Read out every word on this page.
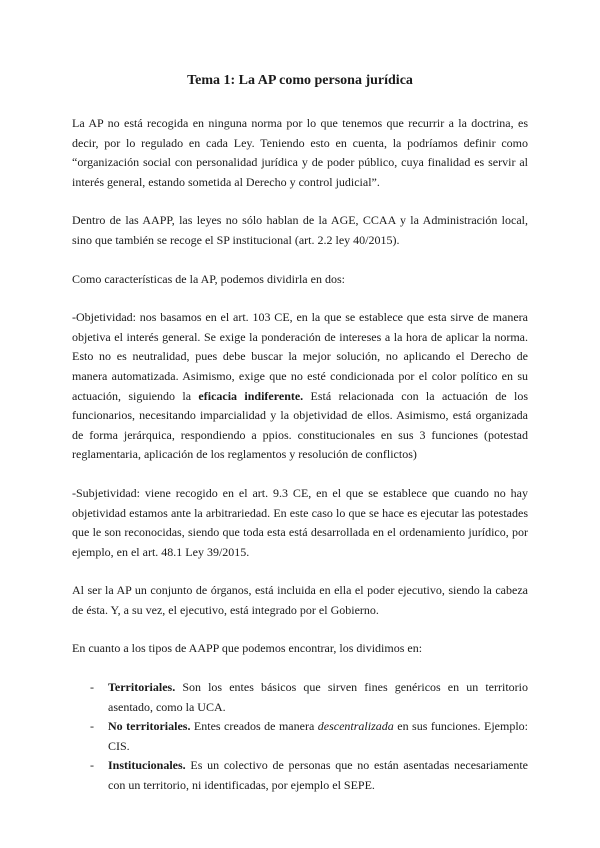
Tema 1: La AP como persona jurídica

La AP no está recogida en ninguna norma por lo que tenemos que recurrir a la doctrina, es decir, por lo regulado en cada Ley. Teniendo esto en cuenta, la podríamos definir como “organización social con personalidad jurídica y de poder público, cuya finalidad es servir al interés general, estando sometida al Derecho y control judicial”.

Dentro de las AAPP, las leyes no sólo hablan de la AGE, CCAA y la Administración local, sino que también se recoge el SP institucional (art. 2.2 ley 40/2015).

Como características de la AP, podemos dividirla en dos:

-Objetividad: nos basamos en el art. 103 CE, en la que se establece que esta sirve de manera objetiva el interés general. Se exige la ponderación de intereses a la hora de aplicar la norma. Esto no es neutralidad, pues debe buscar la mejor solución, no aplicando el Derecho de manera automatizada. Asimismo, exige que no esté condicionada por el color político en su actuación, siguiendo la eficacia indiferente. Está relacionada con la actuación de los funcionarios, necesitando imparcialidad y la objetividad de ellos. Asimismo, está organizada de forma jerárquica, respondiendo a ppios. constitucionales en sus 3 funciones (potestad reglamentaria, aplicación de los reglamentos y resolución de conflictos)

-Subjetividad: viene recogido en el art. 9.3 CE, en el que se establece que cuando no hay objetividad estamos ante la arbitrariedad. En este caso lo que se hace es ejecutar las potestades que le son reconocidas, siendo que toda esta está desarrollada en el ordenamiento jurídico, por ejemplo, en el art. 48.1 Ley 39/2015.

Al ser la AP un conjunto de órganos, está incluida en ella el poder ejecutivo, siendo la cabeza de ésta. Y, a su vez, el ejecutivo, está integrado por el Gobierno.

En cuanto a los tipos de AAPP que podemos encontrar, los dividimos en:

- Territoriales. Son los entes básicos que sirven fines genéricos en un territorio asentado, como la UCA.
- No territoriales. Entes creados de manera descentralizada en sus funciones. Ejemplo: CIS.
- Institucionales. Es un colectivo de personas que no están asentadas necesariamente con un territorio, ni identificadas, por ejemplo el SEPE.
